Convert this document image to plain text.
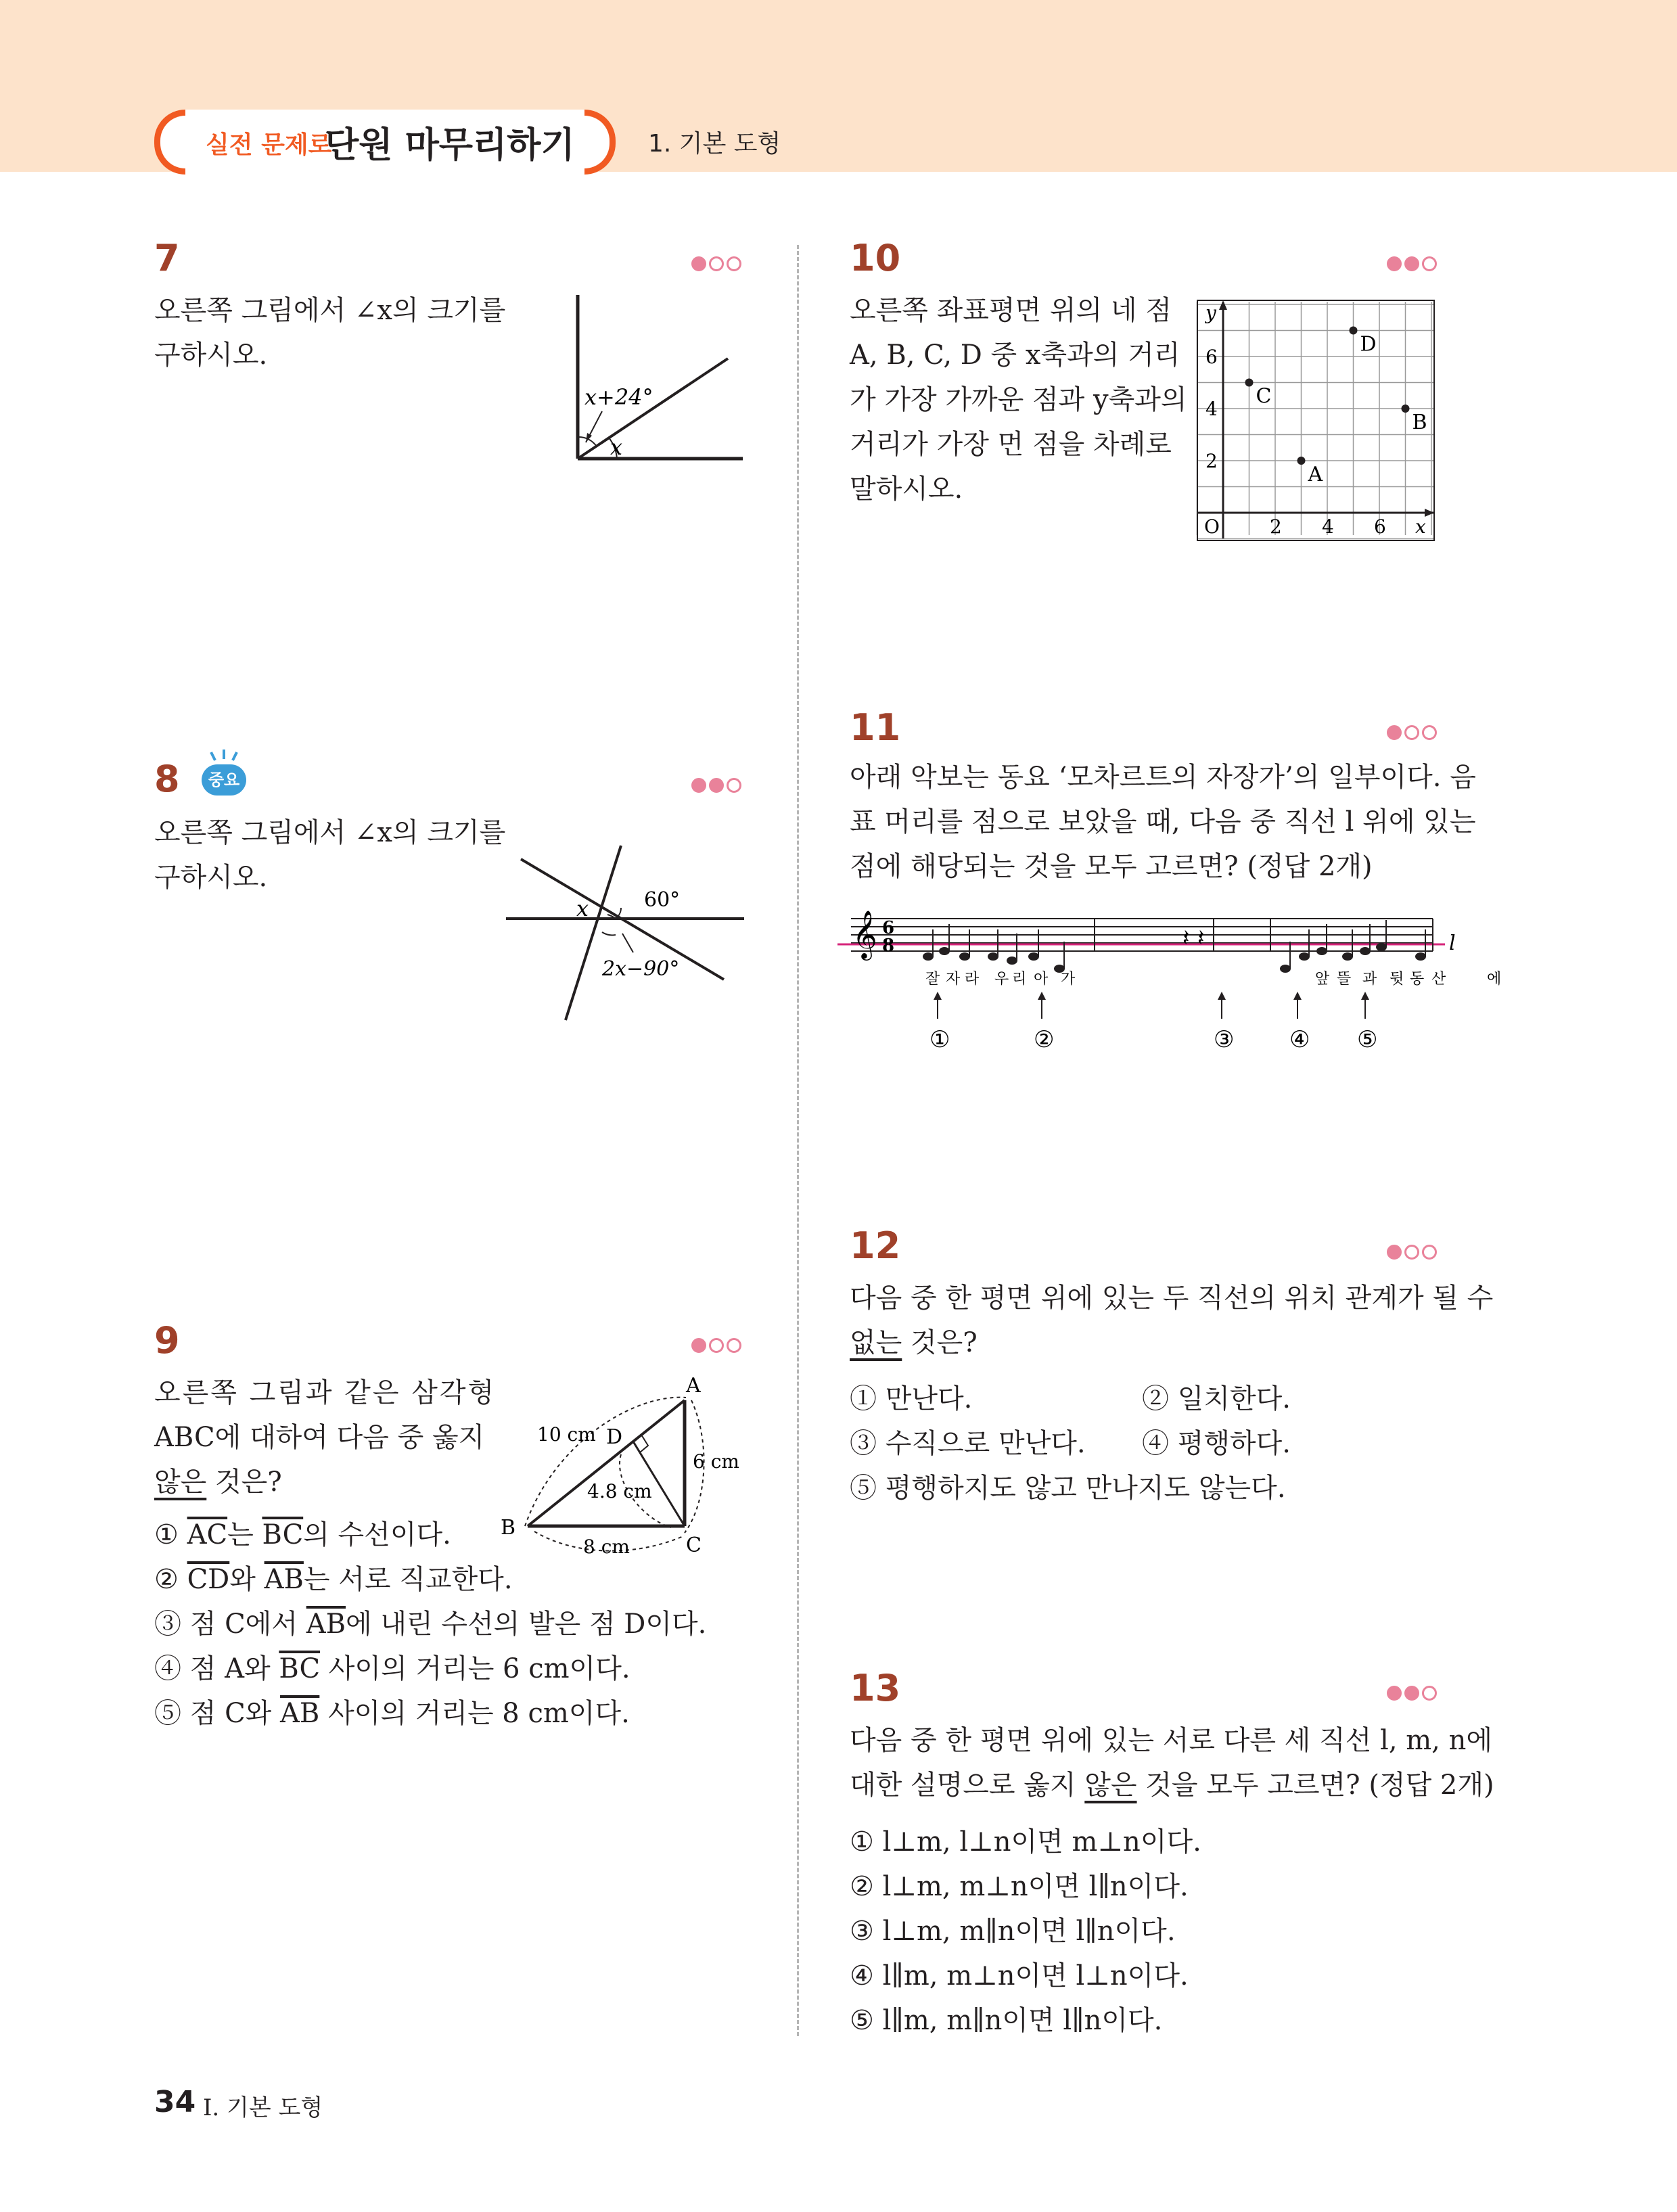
실전 문제로
단원 마무리하기	1. 기본 도형
7
오른쪽 그림에서 ∠x의 크기를
구하시오.
x+24°
x
8	중요
오른쪽 그림에서 ∠x의 크기를
구하시오.
x	60°
2x−90°
9
오른쪽 그림과 같은 삼각형
ABC에 대하여 다음 중 옳지
않은 것은?
A
B
C
D
10 cm
6 cm
4.8 cm
8 cm
① $\overline{AC}$는 $\overline{BC}$의 수선이다.
② $\overline{CD}$와 $\overline{AB}$는 서로 직교한다.
③ 점 C에서 $\overline{AB}$에 내린 수선의 발은 점 D이다.
④ 점 A와 $\overline{BC}$ 사이의 거리는 6 cm이다.
⑤ 점 C와 $\overline{AB}$ 사이의 거리는 8 cm이다.
10
오른쪽 좌표평면 위의 네 점
A, B, C, D 중 x축과의 거리
가 가장 가까운 점과 y축과의
거리가 가장 먼 점을 차례로
말하시오.
x
y
O	2 4 6
2
4
6
A
B
C
D
11
아래 악보는 동요 ‘모차르트의 자장가’의 일부이다. 음
표 머리를 점으로 보았을 때, 다음 중 직선 l 위에 있는
점에 해당되는 것을 모두 고르면? (정답 2개)
l
𝄞 6
8	𝄽 𝄽
잘 자 라 우 리 아 가	앞 뜰 과 뒷 동 산	에
①	②	③ ④ ⑤
12
다음 중 한 평면 위에 있는 두 직선의 위치 관계가 될 수
없는 것은?
① 만난다.	② 일치한다.
③ 수직으로 만난다. ④ 평행하다.
⑤ 평행하지도 않고 만나지도 않는다.
13
다음 중 한 평면 위에 있는 서로 다른 세 직선 l, m, n에
대한 설명으로 옳지 않은 것을 모두 고르면? (정답 2개)
① l⊥m, l⊥n이면 m⊥n이다.
② l⊥m, m⊥n이면 l∥n이다.
③ l⊥m, m∥n이면 l∥n이다.
④ l∥m, m⊥n이면 l⊥n이다.
⑤ l∥m, m∥n이면 l∥n이다.
34 I. 기본 도형
